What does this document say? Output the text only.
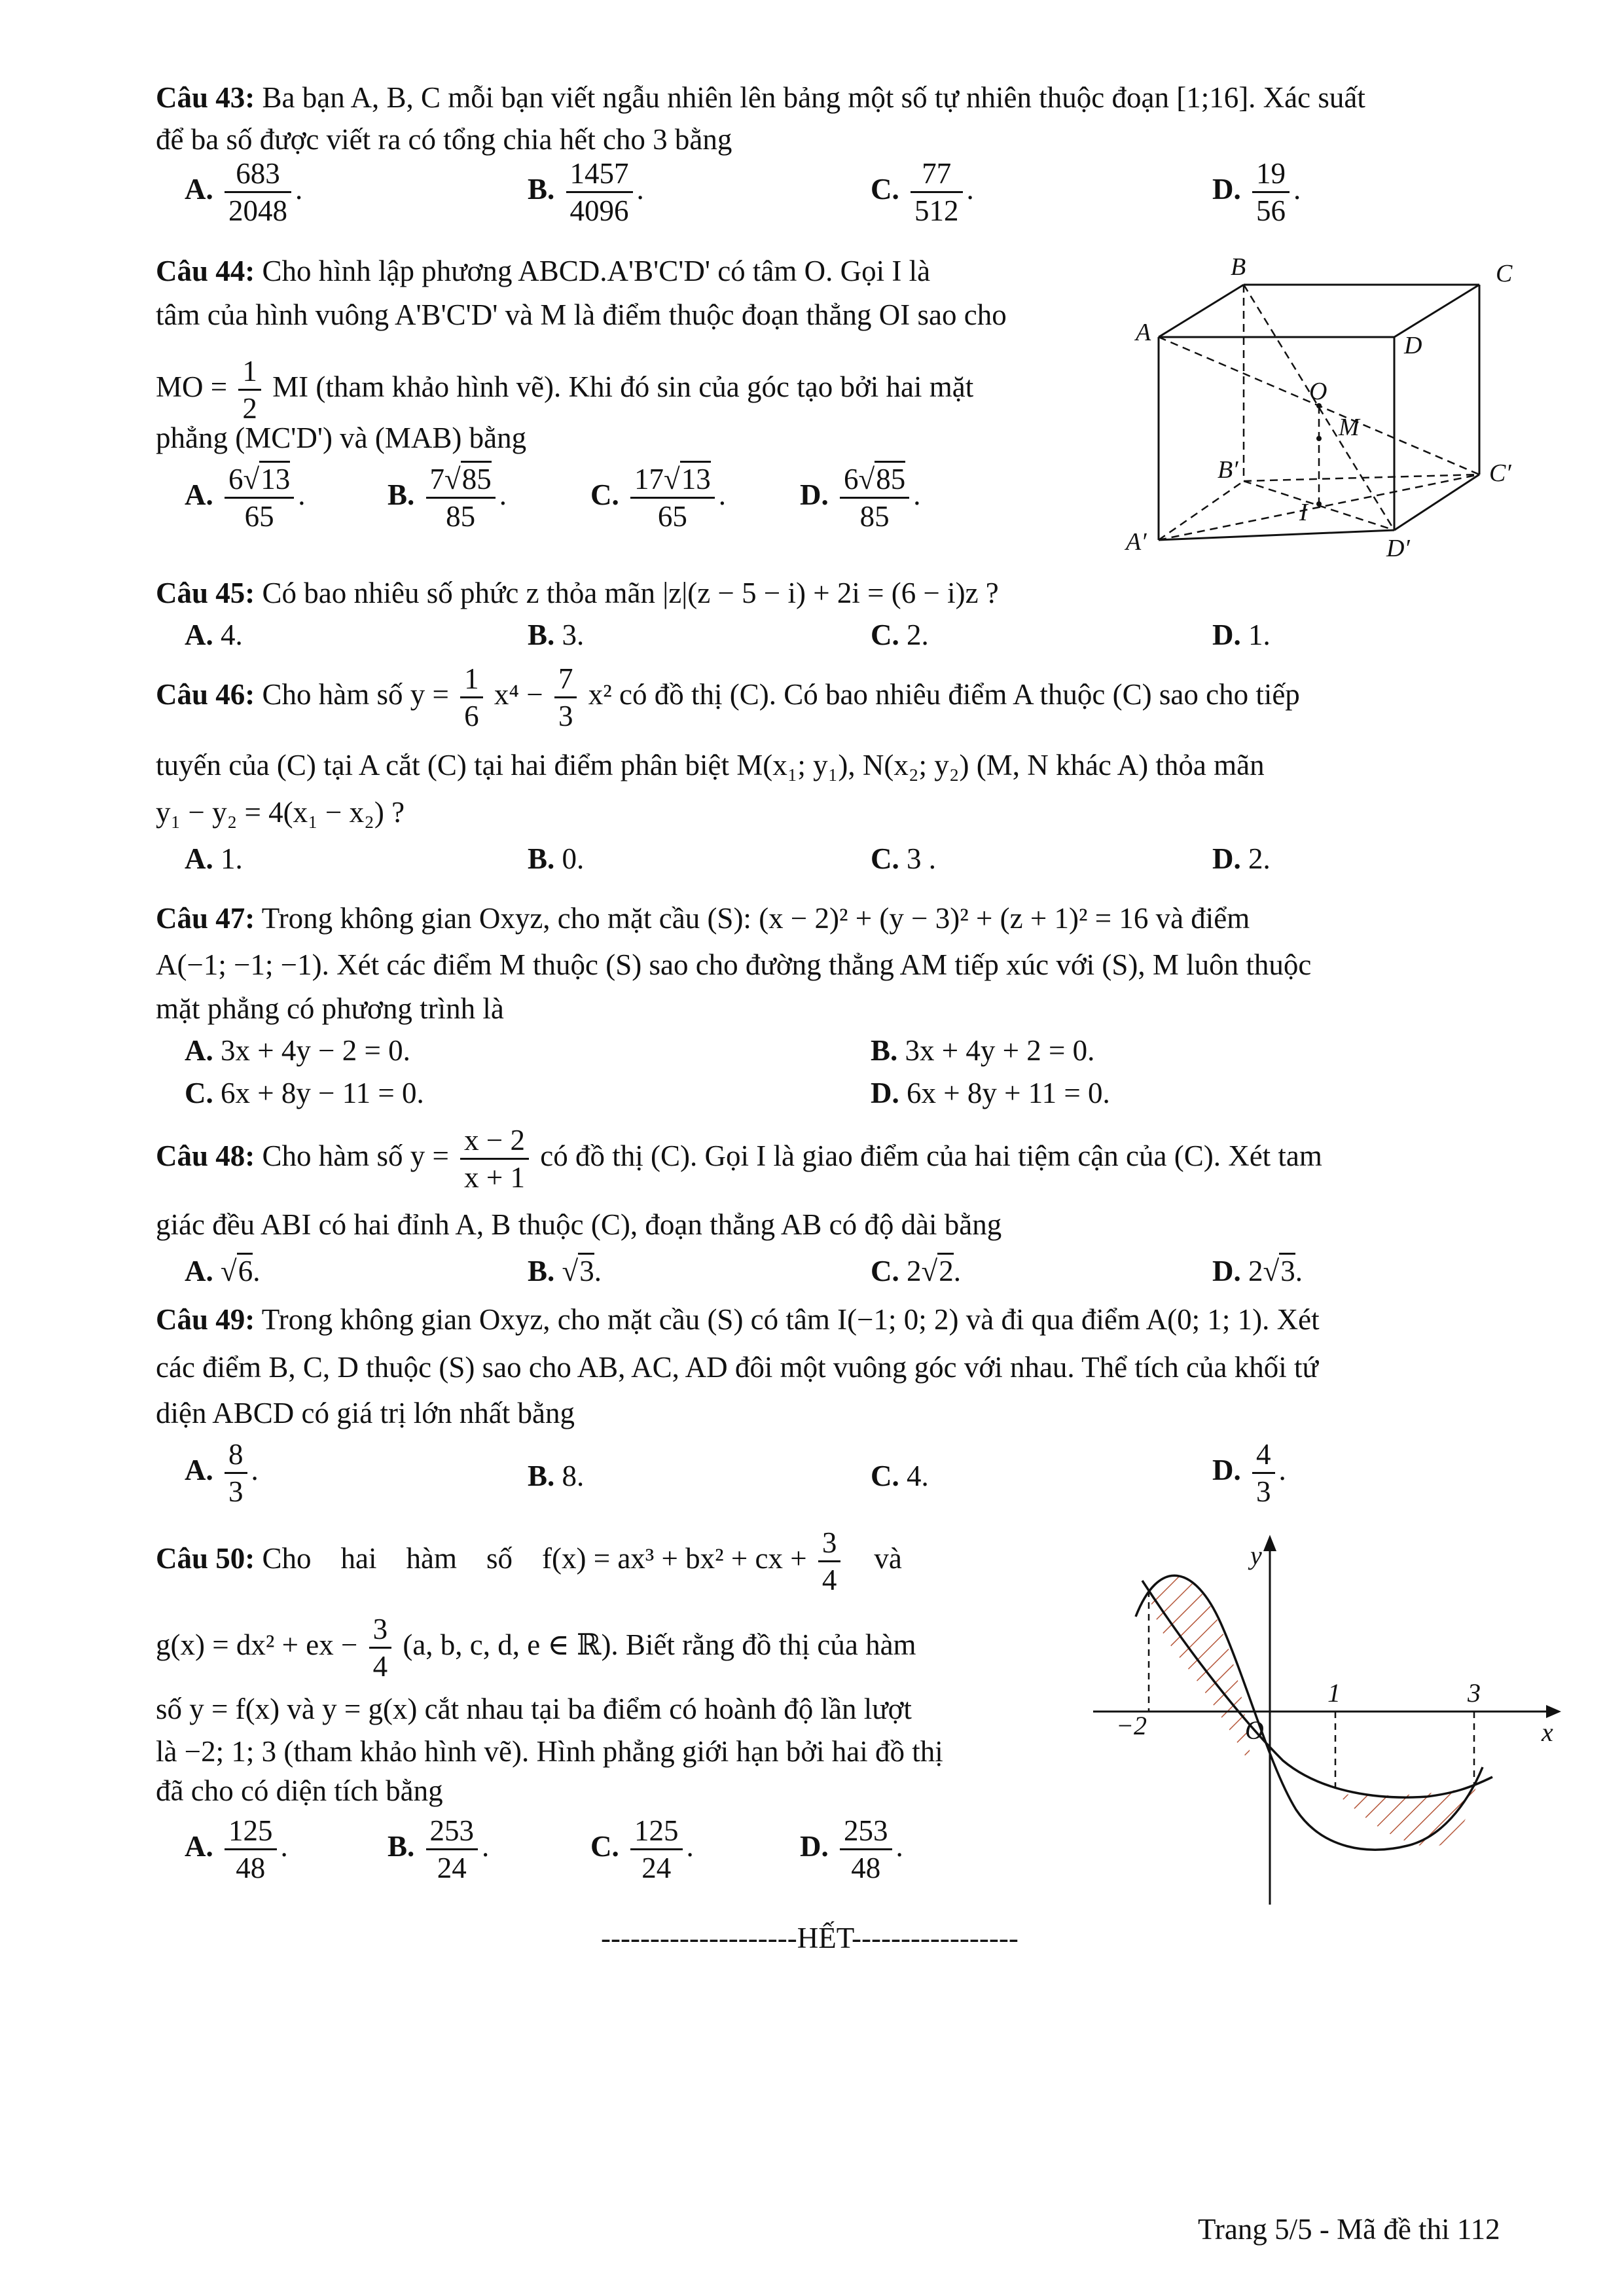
Câu 43: Ba bạn A, B, C mỗi bạn viết ngẫu nhiên lên bảng một số tự nhiên thuộc đoạn [1;16]. Xác suất
để ba số được viết ra có tổng chia hết cho 3 bằng
A. $\frac{683}{2048}$ .	B. $\frac{1457}{4096}$ .	C. $\frac{77}{512}$ .	D. $\frac{19}{56}$ .
Câu 44: Cho hình lập phương ABCD.A'B'C'D' có tâm O. Gọi I là
tâm của hình vuông A'B'C'D' và M là điểm thuộc đoạn thẳng OI sao cho
MO = $\frac{1}{2}$ MI (tham khảo hình vẽ). Khi đó sin của góc tạo bởi hai mặt
phẳng (MC'D') và (MAB) bằng
A. $\frac{6√13}{65}$ .	B. $\frac{7√85}{85}$ .	C. $\frac{17√13}{65}$ .	D. $\frac{6√85}{85}$ .
B	C
A	D
O
M
B′	C′
I
A′	D′
Câu 45: Có bao nhiêu số phức z thỏa mãn |z|(z − 5 − i) + 2i = (6 − i)z ?
A. 4.	B. 3.	C. 2.	D. 1.
Câu 46: Cho hàm số $y = \frac{1}{6} x^4 - \frac{7}{3} x^2$ có đồ thị (C). Có bao nhiêu điểm A thuộc (C) sao cho tiếp
tuyến của (C) tại A cắt (C) tại hai điểm phân biệt M(x₁; y₁), N(x₂; y₂) (M, N khác A) thỏa mãn
y₁ − y₂ = 4(x₁ − x₂) ?
A. 1.	B. 0.	C. 3 .	D. 2.
Câu 47: Trong không gian Oxyz, cho mặt cầu (S): (x − 2)² + (y − 3)² + (z + 1)² = 16 và điểm
A(−1; −1; −1). Xét các điểm M thuộc (S) sao cho đường thẳng AM tiếp xúc với (S), M luôn thuộc
mặt phẳng có phương trình là
A. 3x + 4y − 2 = 0.	B. 3x + 4y + 2 = 0.
C. 6x + 8y − 11 = 0.	D. 6x + 8y + 11 = 0.
Câu 48: Cho hàm số $y = \frac{x - 2}{x + 1}$ có đồ thị (C). Gọi I là giao điểm của hai tiệm cận của (C). Xét tam
giác đều ABI có hai đỉnh A, B thuộc (C), đoạn thẳng AB có độ dài bằng
A. √6.	B. √3.	C. 2√2.	D. 2√3.
Câu 49: Trong không gian Oxyz, cho mặt cầu (S) có tâm I(−1; 0; 2) và đi qua điểm A(0; 1; 1). Xét
các điểm B, C, D thuộc (S) sao cho AB, AC, AD đôi một vuông góc với nhau. Thể tích của khối tứ
diện ABCD có giá trị lớn nhất bằng
A. $\frac{8}{3}$ .	B. 8.	C. 4.	D. $\frac{4}{3}$ .
Câu 50: Cho    hai    hàm    số    f(x) = ax³ + bx² + cx + $\frac{3}{4}$ và
g(x) = dx² + ex − $\frac{3}{4} (a$, b, c, d, e ∈ ℝ). Biết rằng đồ thị của hàm
số y = f(x) và y = g(x) cắt nhau tại ba điểm có hoành độ lần lượt
là −2; 1; 3 (tham khảo hình vẽ). Hình phẳng giới hạn bởi hai đồ thị
đã cho có diện tích bằng
A. $\frac{125}{48}$ .	B. $\frac{253}{24}$ .	C. $\frac{125}{24}$ .	D. $\frac{253}{48}$ .
y
x
O
−2
1	3
--------------------HẾT-----------------
Trang 5/5 - Mã đề thi 112
